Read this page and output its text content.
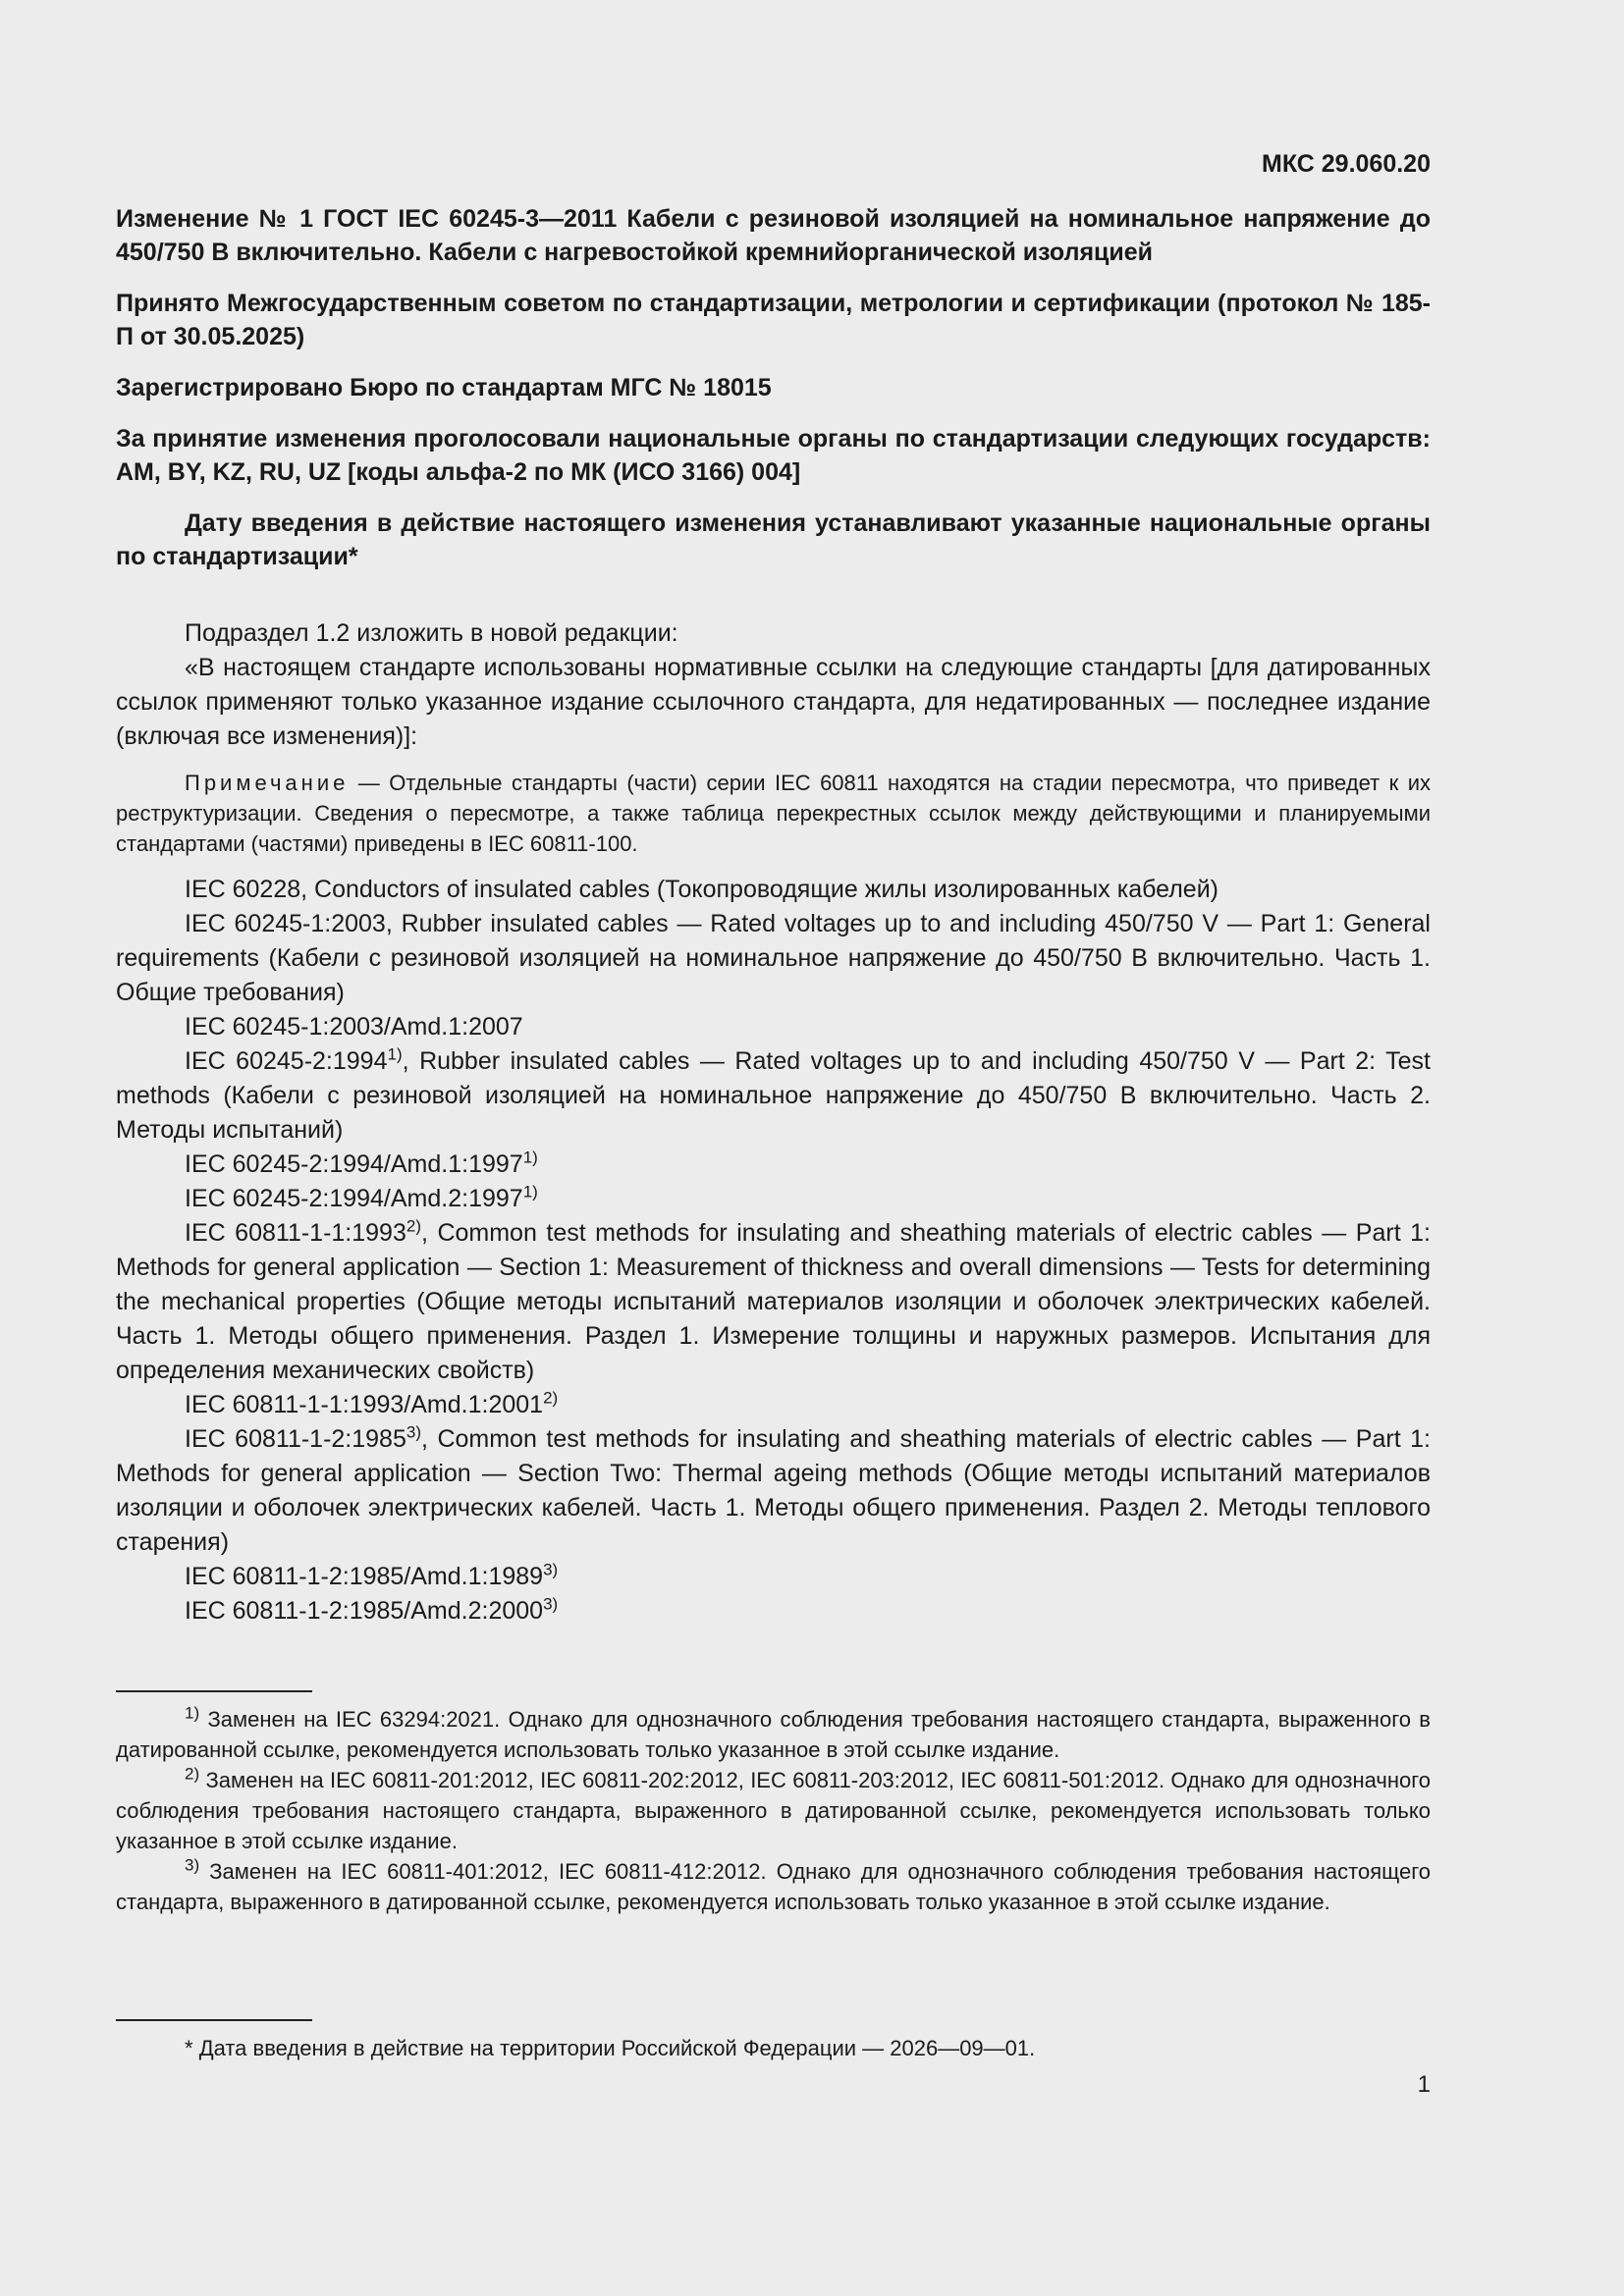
МКС 29.060.20

Изменение № 1 ГОСТ IEC 60245-3—2011 Кабели с резиновой изоляцией на номинальное напряжение до 450/750 В включительно. Кабели с нагревостойкой кремнийорганической изоляцией

Принято Межгосударственным советом по стандартизации, метрологии и сертификации (протокол № 185-П от 30.05.2025)

Зарегистрировано Бюро по стандартам МГС № 18015

За принятие изменения проголосовали национальные органы по стандартизации следующих государств: AM, BY, KZ, RU, UZ [коды альфа-2 по МК (ИСО 3166) 004]

Дату введения в действие настоящего изменения устанавливают указанные национальные органы по стандартизации*

Подраздел 1.2 изложить в новой редакции:

«В настоящем стандарте использованы нормативные ссылки на следующие стандарты [для датированных ссылок применяют только указанное издание ссылочного стандарта, для недатированных — последнее издание (включая все изменения)]:

Примечание — Отдельные стандарты (части) серии IEC 60811 находятся на стадии пересмотра, что приведет к их реструктуризации. Сведения о пересмотре, а также таблица перекрестных ссылок между действующими и планируемыми стандартами (частями) приведены в IEC 60811-100.

IEC 60228, Conductors of insulated cables (Токопроводящие жилы изолированных кабелей)

IEC 60245-1:2003, Rubber insulated cables — Rated voltages up to and including 450/750 V — Part 1: General requirements (Кабели с резиновой изоляцией на номинальное напряжение до 450/750 В включительно. Часть 1. Общие требования)

IEC 60245-1:2003/Amd.1:2007

IEC 60245-2:1994$^{1)}$, Rubber insulated cables — Rated voltages up to and including 450/750 V — Part 2: Test methods (Кабели с резиновой изоляцией на номинальное напряжение до 450/750 В включительно. Часть 2. Методы испытаний)

IEC 60245-2:1994/Amd.1:1997$^{1)}$

IEC 60245-2:1994/Amd.2:1997$^{1)}$

IEC 60811-1-1:1993$^{2)}$, Common test methods for insulating and sheathing materials of electric cables — Part 1: Methods for general application — Section 1: Measurement of thickness and overall dimensions — Tests for determining the mechanical properties (Общие методы испытаний материалов изоляции и оболочек электрических кабелей. Часть 1. Методы общего применения. Раздел 1. Измерение толщины и наружных размеров. Испытания для определения механических свойств)

IEC 60811-1-1:1993/Amd.1:2001$^{2)}$

IEC 60811-1-2:1985$^{3)}$, Common test methods for insulating and sheathing materials of electric cables — Part 1: Methods for general application — Section Two: Thermal ageing methods (Общие методы испытаний материалов изоляции и оболочек электрических кабелей. Часть 1. Методы общего применения. Раздел 2. Методы теплового старения)

IEC 60811-1-2:1985/Amd.1:1989$^{3)}$

IEC 60811-1-2:1985/Amd.2:2000$^{3)}$

$^{1)}$ Заменен на IEC 63294:2021. Однако для однозначного соблюдения требования настоящего стандарта, выраженного в датированной ссылке, рекомендуется использовать только указанное в этой ссылке издание.

$^{2)}$ Заменен на IEC 60811-201:2012, IEC 60811-202:2012, IEC 60811-203:2012, IEC 60811-501:2012. Однако для однозначного соблюдения требования настоящего стандарта, выраженного в датированной ссылке, рекомендуется использовать только указанное в этой ссылке издание.

$^{3)}$ Заменен на IEC 60811-401:2012, IEC 60811-412:2012. Однако для однозначного соблюдения требования настоящего стандарта, выраженного в датированной ссылке, рекомендуется использовать только указанное в этой ссылке издание.

* Дата введения в действие на территории Российской Федерации — 2026—09—01.

1
